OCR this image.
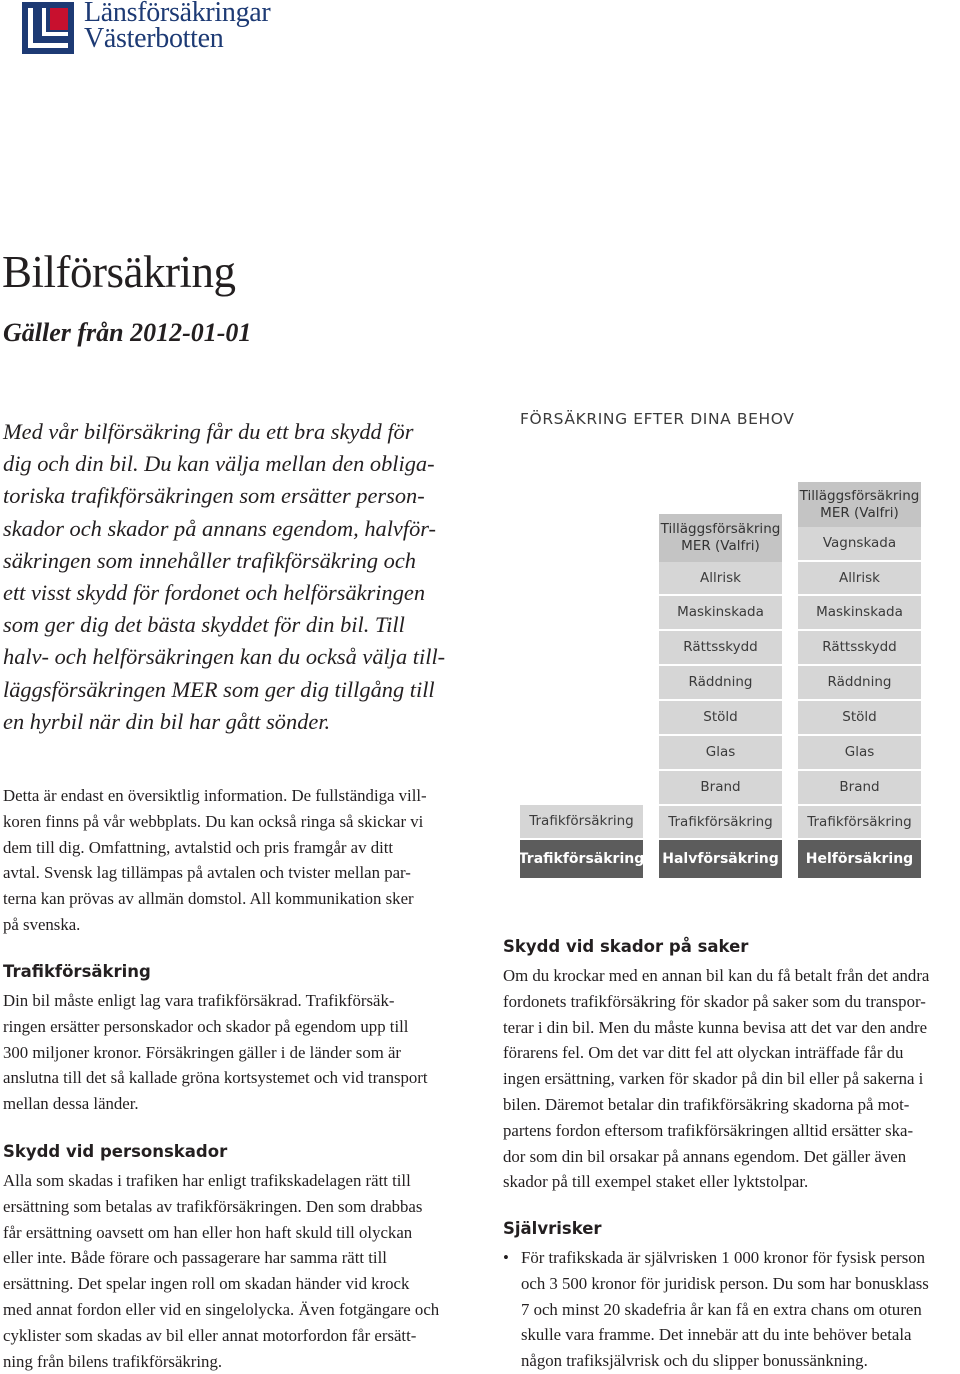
Länsförsäkringar
Västerbotten
Bilförsäkring
Gäller från 2012-01-01

Med vår bilförsäkring får du ett bra skydd för
dig och din bil. Du kan välja mellan den obliga-
toriska trafikförsäkringen som ersätter person-
skador och skador på annans egendom, halvför-
säkringen som innehåller trafikförsäkring och
ett visst skydd för fordonet och helförsäkringen
som ger dig det bästa skyddet för din bil. Till
halv- och helförsäkringen kan du också välja till-
läggsförsäkringen MER som ger dig tillgång till
en hyrbil när din bil har gått sönder.

Detta är endast en översiktlig information. De fullständiga vill-
koren finns på vår webbplats. Du kan också ringa så skickar vi
dem till dig. Omfattning, avtalstid och pris framgår av ditt
avtal. Svensk lag tillämpas på avtalen och tvister mellan par-
terna kan prövas av allmän domstol. All kommunikation sker
på svenska.
Trafikförsäkring
Din bil måste enligt lag vara trafikförsäkrad. Trafikförsäk-
ringen ersätter personskador och skador på egendom upp till
300 miljoner kronor. Försäkringen gäller i de länder som är
anslutna till det så kallade gröna kortsystemet och vid transport
mellan dessa länder.
Skydd vid personskador
Alla som skadas i trafiken har enligt trafikskadelagen rätt till
ersättning som betalas av trafikförsäkringen. Den som drabbas
får ersättning oavsett om han eller hon haft skuld till olyckan
eller inte. Både förare och passagerare har samma rätt till
ersättning. Det spelar ingen roll om skadan händer vid krock
med annat fordon eller vid en singelolycka. Även fotgängare och
cyklister som skadas av bil eller annat motorfordon får ersätt-
ning från bilens trafikförsäkring.
FÖRSÄKRING EFTER DINA BEHOV
Trafikförsäkring
Trafikförsäkring
Tilläggsförsäkring MER (Valfri)
Allrisk
Maskinskada
Rättsskydd
Räddning
Stöld
Glas
Brand
Trafikförsäkring
Halvförsäkring
Tilläggsförsäkring MER (Valfri)
Vagnskada
Allrisk
Maskinskada
Rättsskydd
Räddning
Stöld
Glas
Brand
Trafikförsäkring
Helförsäkring
Skydd vid skador på saker
Om du krockar med en annan bil kan du få betalt från det andra
fordonets trafikförsäkring för skador på saker som du transpor-
terar i din bil. Men du måste kunna bevisa att det var den andre
förarens fel. Om det var ditt fel att olyckan inträffade får du
ingen ersättning, varken för skador på din bil eller på sakerna i
bilen. Däremot betalar din trafikförsäkring skadorna på mot-
partens fordon eftersom trafikförsäkringen alltid ersätter ska-
dor som din bil orsakar på annans egendom. Det gäller även
skador på till exempel staket eller lyktstolpar.
Självrisker
• För trafikskada är självrisken 1 000 kronor för fysisk person
och 3 500 kronor för juridisk person. Du som har bonusklass
7 och minst 20 skadefria år kan få en extra chans om oturen
skulle vara framme. Det innebär att du inte behöver betala
någon trafiksjälvrisk och du slipper bonussänkning.
